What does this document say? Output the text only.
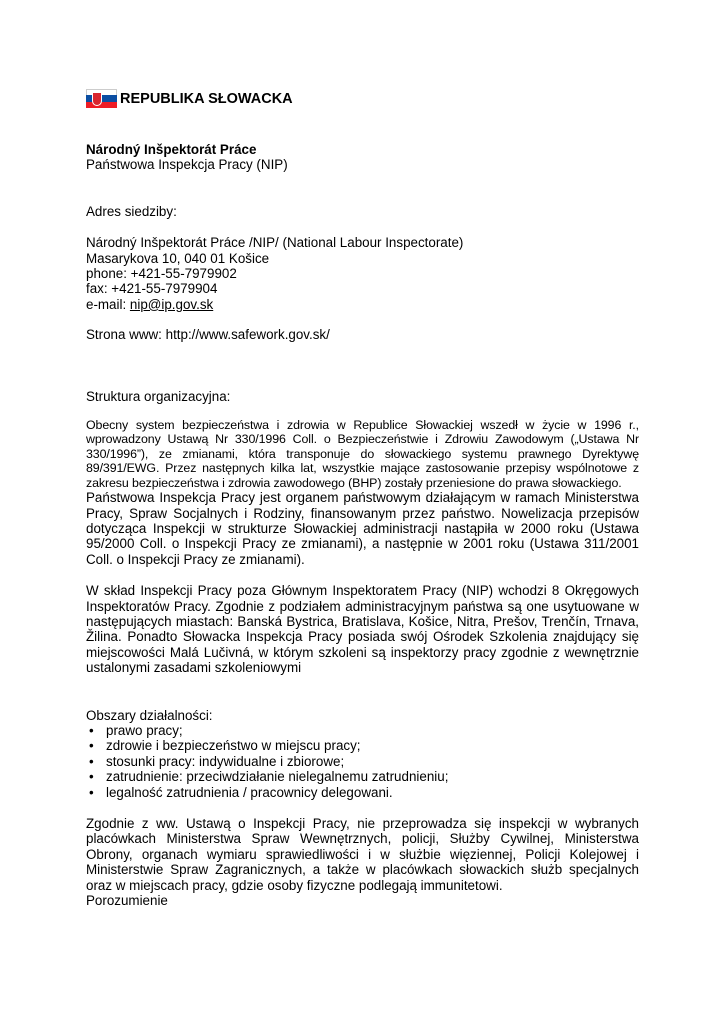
REPUBLIKA SŁOWACKA

Národný Inšpektorát Práce

Państwowa Inspekcja Pracy (NIP)

Adres siedziby:

Národný Inšpektorát Práce /NIP/ (National Labour Inspectorate)

Masarykova 10, 040 01 Košice

phone: +421-55-7979902

fax: +421-55-7979904

e-mail: nip@ip.gov.sk

Strona www: http://www.safework.gov.sk/

Struktura organizacyjna:

Obecny system bezpieczeństwa i zdrowia w Republice Słowackiej wszedł w życie w 1996 r., wprowadzony Ustawą Nr 330/1996 Coll. o Bezpieczeństwie i Zdrowiu Zawodowym („Ustawa Nr 330/1996”), ze zmianami, która transponuje do słowackiego systemu prawnego Dyrektywę 89/391/EWG. Przez następnych kilka lat, wszystkie mające zastosowanie przepisy wspólnotowe z zakresu bezpieczeństwa i zdrowia zawodowego (BHP) zostały przeniesione do prawa słowackiego.

Państwowa Inspekcja Pracy jest organem państwowym działającym w ramach Ministerstwa Pracy, Spraw Socjalnych i Rodziny, finansowanym przez państwo. Nowelizacja przepisów dotycząca Inspekcji w strukturze Słowackiej administracji nastąpiła w 2000 roku (Ustawa 95/2000 Coll. o Inspekcji Pracy ze zmianami), a następnie w 2001 roku (Ustawa 311/2001 Coll. o Inspekcji Pracy ze zmianami).

W skład Inspekcji Pracy poza Głównym Inspektoratem Pracy (NIP) wchodzi 8 Okręgowych Inspektoratów Pracy. Zgodnie z podziałem administracyjnym państwa są one usytuowane w następujących miastach: Banská Bystrica, Bratislava, Košice, Nitra, Prešov, Trenčín, Trnava, Žilina. Ponadto Słowacka Inspekcja Pracy posiada swój Ośrodek Szkolenia znajdujący się miejscowości Malá Lučivná, w którym szkoleni są inspektorzy pracy zgodnie z wewnętrznie ustalonymi zasadami szkoleniowymi

Obszary działalności:

• prawo pracy;
• zdrowie i bezpieczeństwo w miejscu pracy;
• stosunki pracy: indywidualne i zbiorowe;
• zatrudnienie: przeciwdziałanie nielegalnemu zatrudnieniu;
• legalność zatrudnienia / pracownicy delegowani.

Zgodnie z ww. Ustawą o Inspekcji Pracy, nie przeprowadza się inspekcji w wybranych placówkach Ministerstwa Spraw Wewnętrznych, policji, Służby Cywilnej, Ministerstwa Obrony, organach wymiaru sprawiedliwości i w służbie więziennej, Policji Kolejowej i Ministerstwie Spraw Zagranicznych, a także w placówkach słowackich służb specjalnych oraz w miejscach pracy, gdzie osoby fizyczne podlegają immunitetowi.

Porozumienie
